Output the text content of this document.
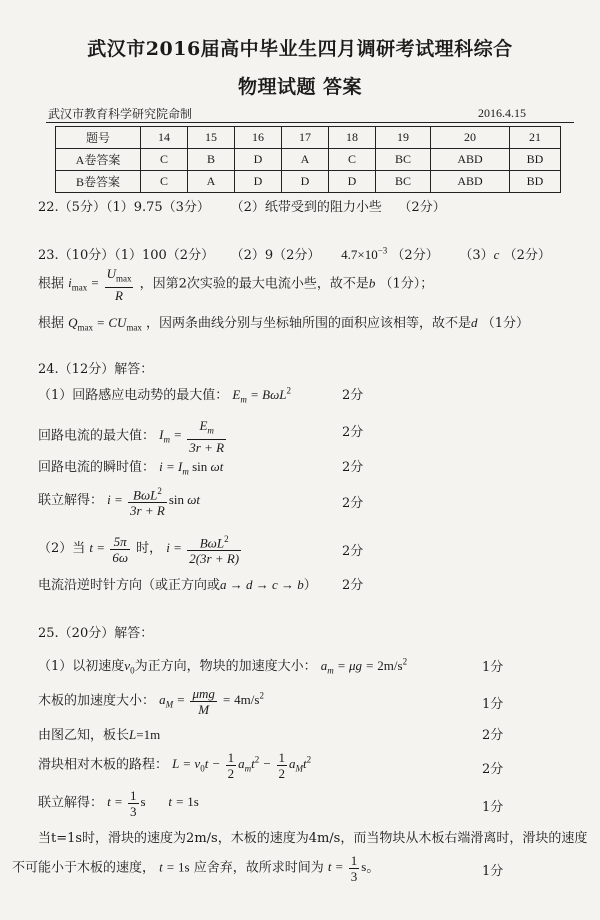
武汉市2016届高中毕业生四月调研考试理科综合
物理试题 答案
武汉市教育科学研究院命制	2016.4.15
题号	14	15	16	17	18	19	20	21
A卷答案	C	B	D	A	C	BC	ABD	BD
B卷答案	C	A	D	D	D	BC	ABD	BD
22.（5分）（1）9.75（3分） （2）纸带受到的阻力小些 （2分）
23.（10分）（1）100（2分） （2）9（2分） $4.7\times 10^{-3}$ （2分） （3）c （2分）
根据 $i_{max} = \frac{U_{max}}{R}$ ，因第2次实验的最大电流小些，故不是b （1分）；
根据 $Q_{max} = CU_{max}$ ，因两条曲线分别与坐标轴所围的面积应该相等，故不是d （1分）
24.（12分）解答：
（1）回路感应电动势的最大值： $E_m = B\omega L^2$	2分
回路电流的最大值： $I_m = \frac{E_m}{3r + R}$	2分
回路电流的瞬时值： $i = I_m$ sin ωt	2分
联立解得： $i = \frac{B\omega L^2}{3r + R}$ sin ωt	2分
（2）当 $t = \frac{5\pi}{6\omega}$ 时， $i = \frac{B\omega L^2}{2(3r + R)}$	2分
电流沿逆时针方向（或正方向或a → d → c → b） 2分
25.（20分）解答：
（1）以初速度$v_0$为正方向，物块的加速度大小： $a_m = \mu g = 2m/s^2$	1分
木板的加速度大小： $a_M = \frac{\text{μmg}}{M} = 4m/s^2$
1分
由图乙知，板长L=1m	2分
滑块相对木板的路程： $L = v_0t - \frac{1}{2} a_mt^2 - \frac{1}{2} a_Mt^2$
2分
联立解得： $t = \frac{1}{3}$ s       t = 1s	1分
当t=1s时，滑块的速度为2m/s，木板的速度为4m/s，而当物块从木板右端滑离时，滑块的速度
不可能小于木板的速度， t = 1s 应舍弃，故所求时间为 $t = \frac{1}{3}$ s。	1分
